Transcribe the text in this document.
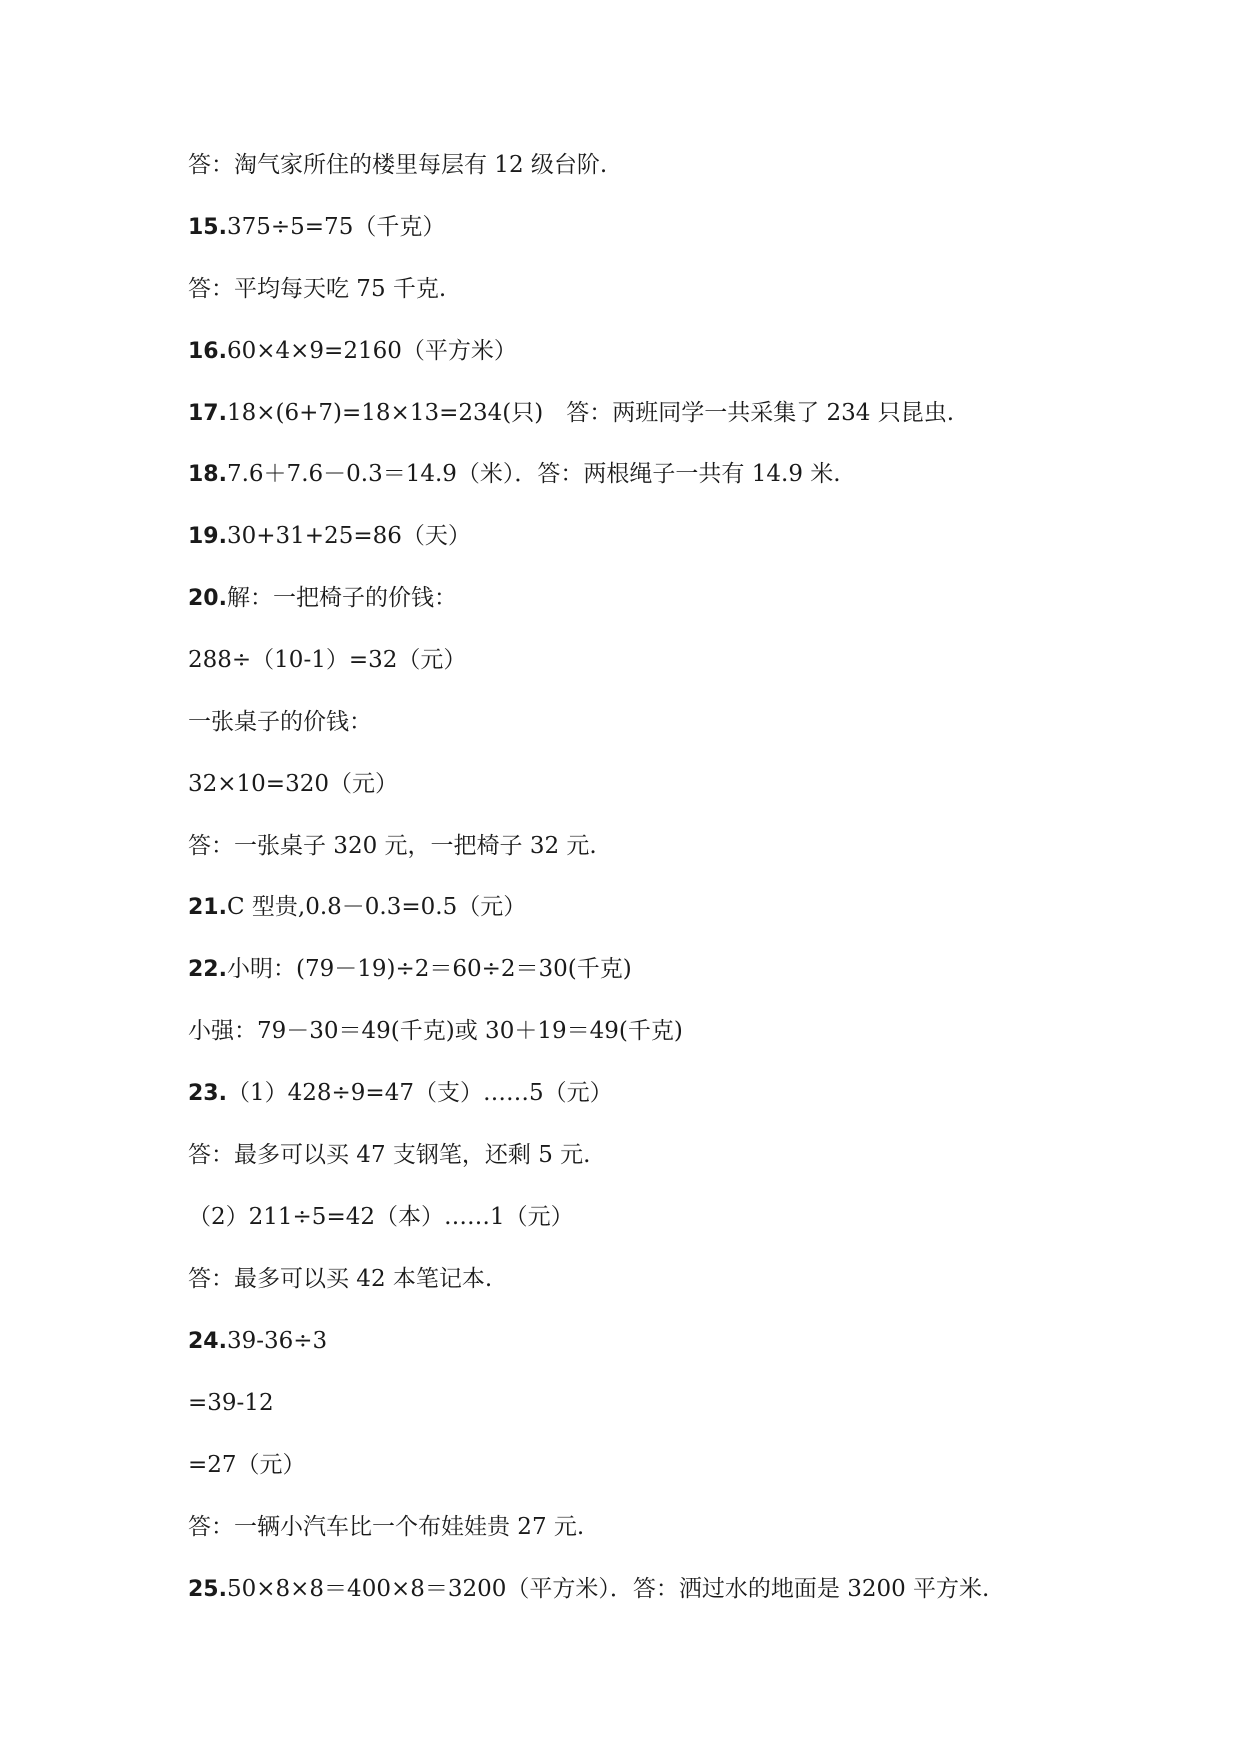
答：淘气家所住的楼里每层有 12 级台阶.
15.375÷5=75（千克）
答：平均每天吃 75 千克.
16.60×4×9=2160（平方米）
17.18×(6+7)=18×13=234(只)　答：两班同学一共采集了 234 只昆虫.
18.7.6＋7.6－0.3＝14.9（米）．答：两根绳子一共有 14.9 米.
19.30+31+25=86（天）
20.解：一把椅子的价钱：
288÷（10-1）=32（元）
一张桌子的价钱：
32×10=320（元）
答：一张桌子 320 元，一把椅子 32 元.
21.C 型贵,0.8－0.3=0.5（元）
22.小明：(79－19)÷2＝60÷2＝30(千克)
小强：79－30＝49(千克)或 30＋19＝49(千克)
23.（1）428÷9=47（支）……5（元）
答：最多可以买 47 支钢笔，还剩 5 元.
（2）211÷5=42（本）……1（元）
答：最多可以买 42 本笔记本.
24.39-36÷3
=39-12
=27（元）
答：一辆小汽车比一个布娃娃贵 27 元.
25.50×8×8＝400×8＝3200（平方米）．答：洒过水的地面是 3200 平方米.
